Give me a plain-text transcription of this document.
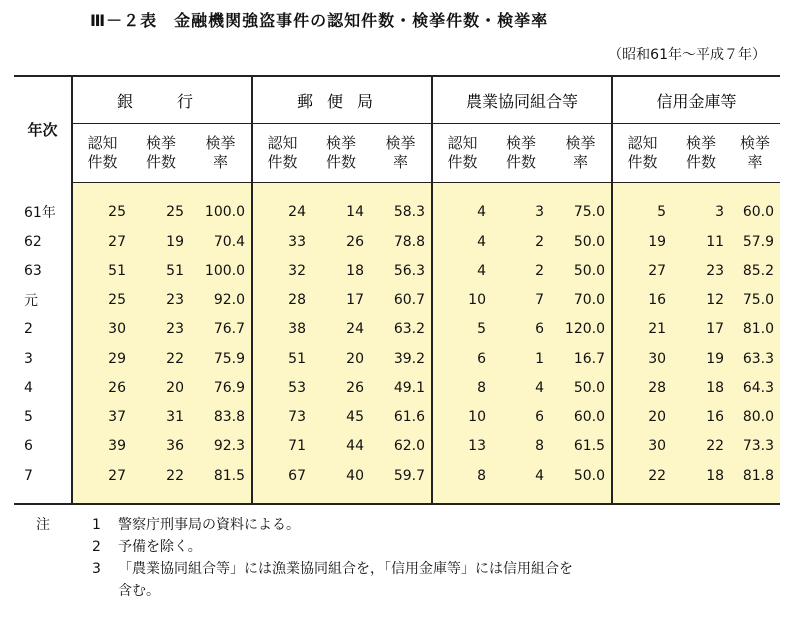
Ⅲ－２表　金融機関強盗事件の認知件数・検挙件数・検挙率
（昭和61年～平成７年）
年次	銀　行			郵便局			農業協同組合等			信用金庫等		
	認知件数	検挙件数	検挙率	認知件数	検挙件数	検挙率	認知件数	検挙件数	検挙率	認知件数	検挙件数	検挙率

61年	25	25	100.0	24	14	58.3	4	3	75.0	5	3	60.0
62	27	19	70.4	33	26	78.8	4	2	50.0	19	11	57.9
63	51	51	100.0	32	18	56.3	4	2	50.0	27	23	85.2
元	25	23	92.0	28	17	60.7	10	7	70.0	16	12	75.0
2	30	23	76.7	38	24	63.2	5	6	120.0	21	17	81.0
3	29	22	75.9	51	20	39.2	6	1	16.7	30	19	63.3
4	26	20	76.9	53	26	49.1	8	4	50.0	28	18	64.3
5	37	31	83.8	73	45	61.6	10	6	60.0	20	16	80.0
6	39	36	92.3	71	44	62.0	13	8	61.5	30	22	73.3
7	27	22	81.5	67	40	59.7	8	4	50.0	22	18	81.8

注	1	警察庁刑事局の資料による。
2	予備を除く。
3	「農業協同組合等」には漁業協同組合を，「信用金庫等」には信用組合を
含む。
